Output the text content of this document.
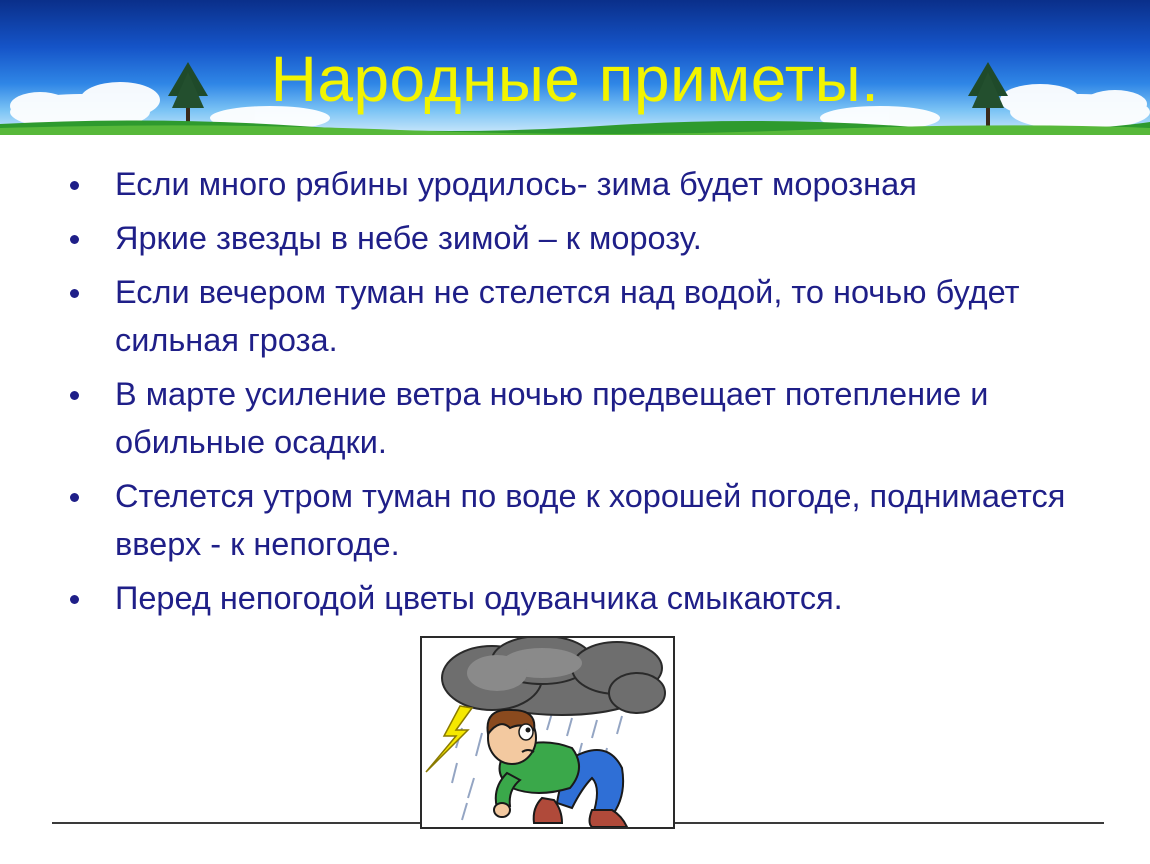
Народные приметы.
Если много рябины уродилось- зима будет морозная
Яркие звезды в небе зимой – к морозу.
Если вечером туман не стелется над водой, то ночью будет сильная гроза.
В марте усиление ветра ночью предвещает потепление и обильные осадки.
Стелется утром туман по воде к хорошей погоде, поднимается вверх - к непогоде.
Перед непогодой цветы одуванчика смыкаются.
